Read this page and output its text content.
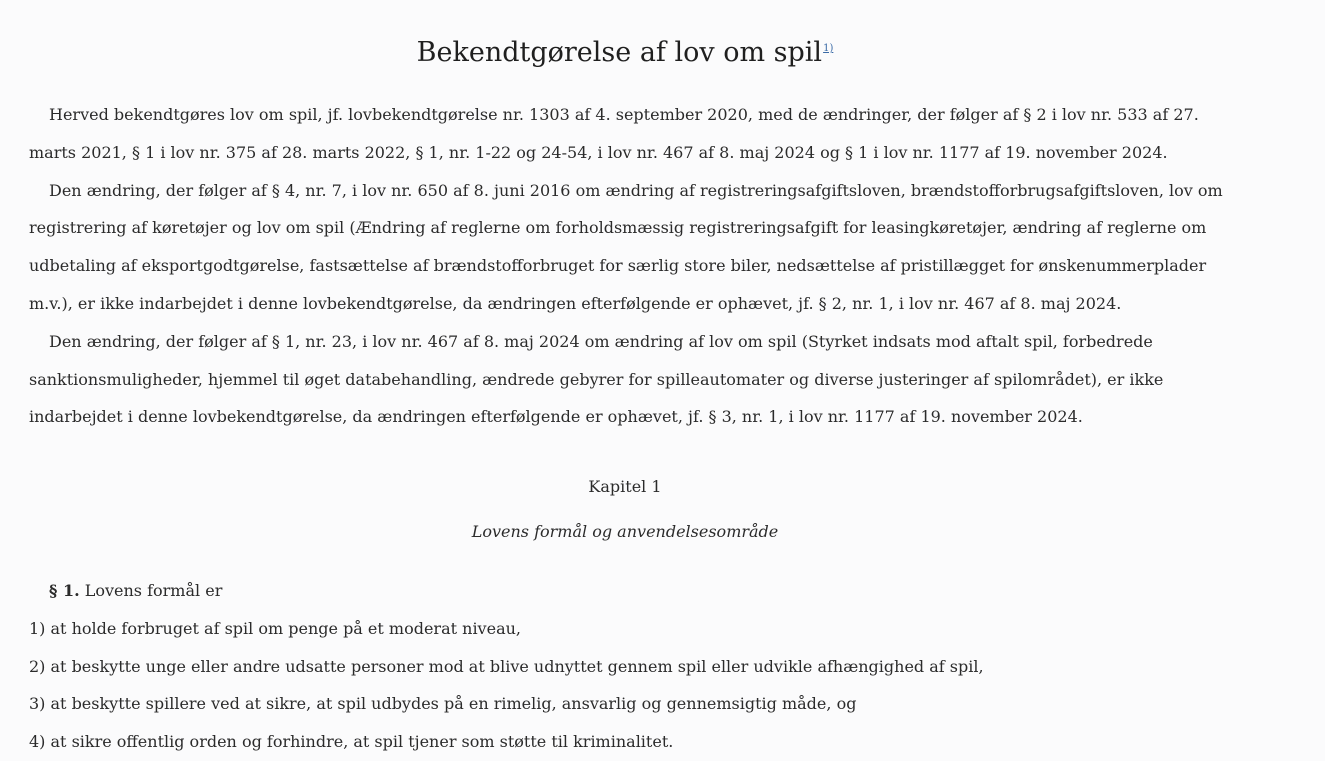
Bekendtgørelse af lov om spil$^{1)}$

Herved bekendtgøres lov om spil, jf. lovbekendtgørelse nr. 1303 af 4. september 2020, med de ændringer, der følger af § 2 i lov nr. 533 af 27. marts 2021, § 1 i lov nr. 375 af 28. marts 2022, § 1, nr. 1-22 og 24-54, i lov nr. 467 af 8. maj 2024 og § 1 i lov nr. 1177 af 19. november 2024.

Den ændring, der følger af § 4, nr. 7, i lov nr. 650 af 8. juni 2016 om ændring af registreringsafgiftsloven, brændstofforbrugsafgiftsloven, lov om registrering af køretøjer og lov om spil (Ændring af reglerne om forholdsmæssig registreringsafgift for leasingkøretøjer, ændring af reglerne om udbetaling af eksportgodtgørelse, fastsættelse af brændstofforbruget for særlig store biler, nedsættelse af pristillægget for ønskenummerplader m.v.), er ikke indarbejdet i denne lovbekendtgørelse, da ændringen efterfølgende er ophævet, jf. § 2, nr. 1, i lov nr. 467 af 8. maj 2024.

Den ændring, der følger af § 1, nr. 23, i lov nr. 467 af 8. maj 2024 om ændring af lov om spil (Styrket indsats mod aftalt spil, forbedrede sanktionsmuligheder, hjemmel til øget databehandling, ændrede gebyrer for spilleautomater og diverse justeringer af spilområdet), er ikke indarbejdet i denne lovbekendtgørelse, da ændringen efterfølgende er ophævet, jf. § 3, nr. 1, i lov nr. 1177 af 19. november 2024.

Kapitel 1
Lovens formål og anvendelsesområde
§ 1. Lovens formål er

1) at holde forbruget af spil om penge på et moderat niveau,

2) at beskytte unge eller andre udsatte personer mod at blive udnyttet gennem spil eller udvikle afhængighed af spil,

3) at beskytte spillere ved at sikre, at spil udbydes på en rimelig, ansvarlig og gennemsigtig måde, og

4) at sikre offentlig orden og forhindre, at spil tjener som støtte til kriminalitet.
